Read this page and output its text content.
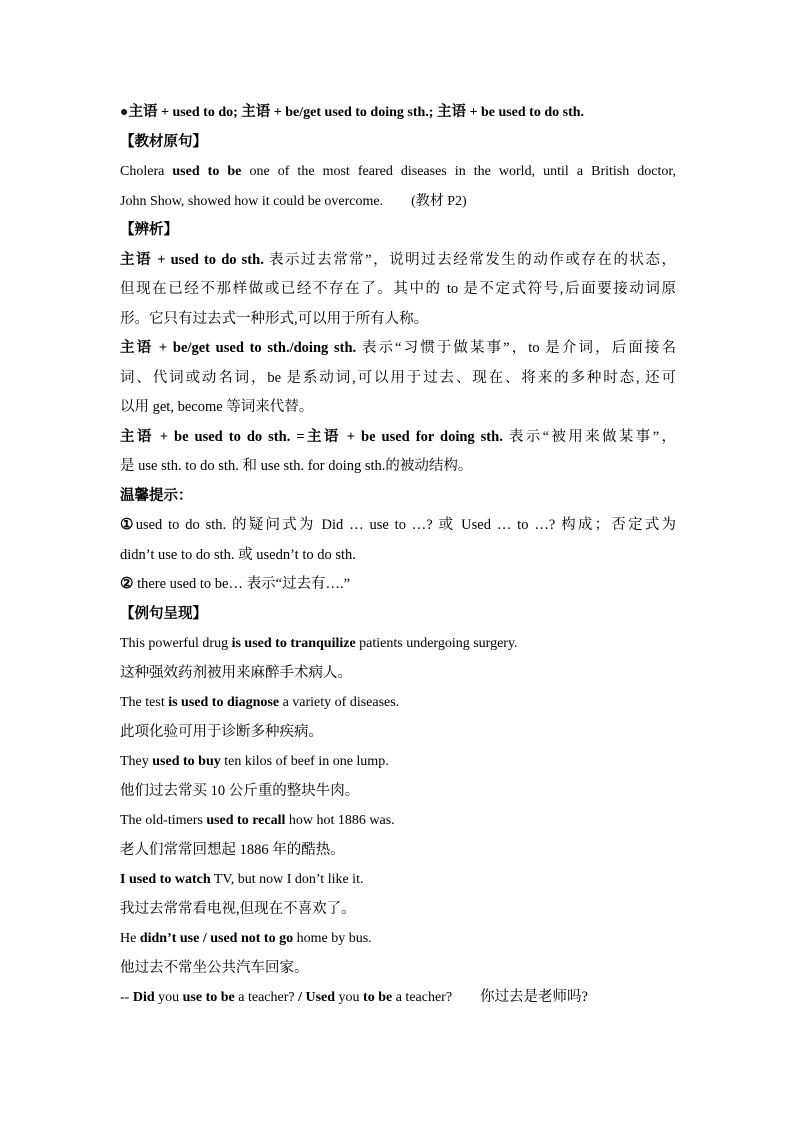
●主语 + used to do; 主语 + be/get used to doing sth.; 主语 + be used to do sth.
【教材原句】
Cholera used to be one of the most feared diseases in the world, until a British doctor,
John Show, showed how it could be overcome. (教材 P2)
【辨析】
主语 + used to do sth. 表示过去常常”，说明过去经常发生的动作或存在的状态，
但现在已经不那样做或已经不存在了。其中的 to 是不定式符号,后面要接动词原
形。它只有过去式一种形式,可以用于所有人称。
主语 + be/get used to sth./doing sth. 表示“习惯于做某事”，to 是介词，后面接名
词、代词或动名词，be 是系动词,可以用于过去、现在、将来的多种时态, 还可
以用 get, become 等词来代替。
主语 + be used to do sth. =主语 + be used for doing sth. 表示“被用来做某事”，
是 use sth. to do sth. 和 use sth. for doing sth.的被动结构。
温馨提示：
①used to do sth. 的疑问式为 Did … use to …? 或 Used … to …? 构成；否定式为
didn’t use to do sth. 或 usedn’t to do sth.
② there used to be… 表示“过去有….”
【例句呈现】
This powerful drug is used to tranquilize patients undergoing surgery.
这种强效药剂被用来麻醉手术病人。
The test is used to diagnose a variety of diseases.
此项化验可用于诊断多种疾病。
They used to buy ten kilos of beef in one lump.
他们过去常买 10 公斤重的整块牛肉。
The old-timers used to recall how hot 1886 was.
老人们常常回想起 1886 年的酷热。
I used to watch TV, but now I don’t like it.
我过去常常看电视,但现在不喜欢了。
He didn’t use / used not to go home by bus.
他过去不常坐公共汽车回家。
-- Did you use to be a teacher? / Used you to be a teacher? 你过去是老师吗?
